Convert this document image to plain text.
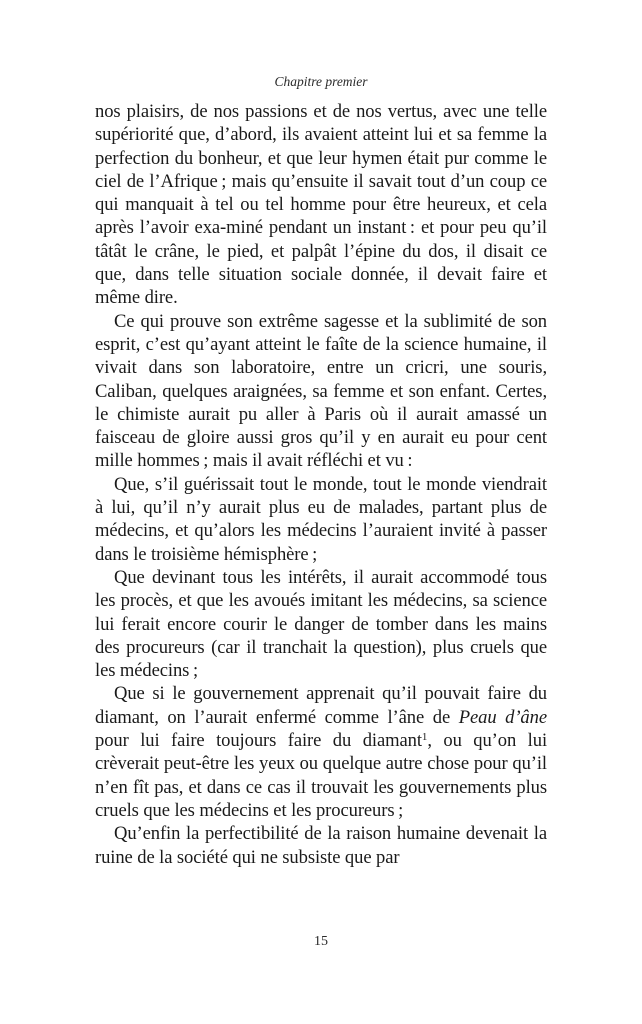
Chapitre premier

nos plaisirs, de nos passions et de nos vertus, avec une telle supériorité que, d’abord, ils avaient atteint lui et sa femme la perfection du bonheur, et que leur hymen était pur comme le ciel de l’Afrique ; mais qu’ensuite il savait tout d’un coup ce qui manquait à tel ou tel homme pour être heureux, et cela après l’avoir exa-miné pendant un instant : et pour peu qu’il tâtât le crâne, le pied, et palpât l’épine du dos, il disait ce que, dans telle situation sociale donnée, il devait faire et même dire.

Ce qui prouve son extrême sagesse et la sublimité de son esprit, c’est qu’ayant atteint le faîte de la science humaine, il vivait dans son laboratoire, entre un cricri, une souris, Caliban, quelques araignées, sa femme et son enfant. Certes, le chimiste aurait pu aller à Paris où il aurait amassé un faisceau de gloire aussi gros qu’il y en aurait eu pour cent mille hommes ; mais il avait réfléchi et vu :

Que, s’il guérissait tout le monde, tout le monde viendrait à lui, qu’il n’y aurait plus eu de malades, partant plus de médecins, et qu’alors les médecins l’auraient invité à passer dans le troisième hémisphère ;

Que devinant tous les intérêts, il aurait accommodé tous les procès, et que les avoués imitant les médecins, sa science lui ferait encore courir le danger de tomber dans les mains des procureurs (car il tranchait la question), plus cruels que les médecins ;

Que si le gouvernement apprenait qu’il pouvait faire du diamant, on l’aurait enfermé comme l’âne de Peau d’âne pour lui faire toujours faire du diamant$^1$, ou qu’on lui crèverait peut-être les yeux ou quelque autre chose pour qu’il n’en fît pas, et dans ce cas il trouvait les gouvernements plus cruels que les médecins et les procureurs ;

Qu’enfin la perfectibilité de la raison humaine devenait la ruine de la société qui ne subsiste que par

15
